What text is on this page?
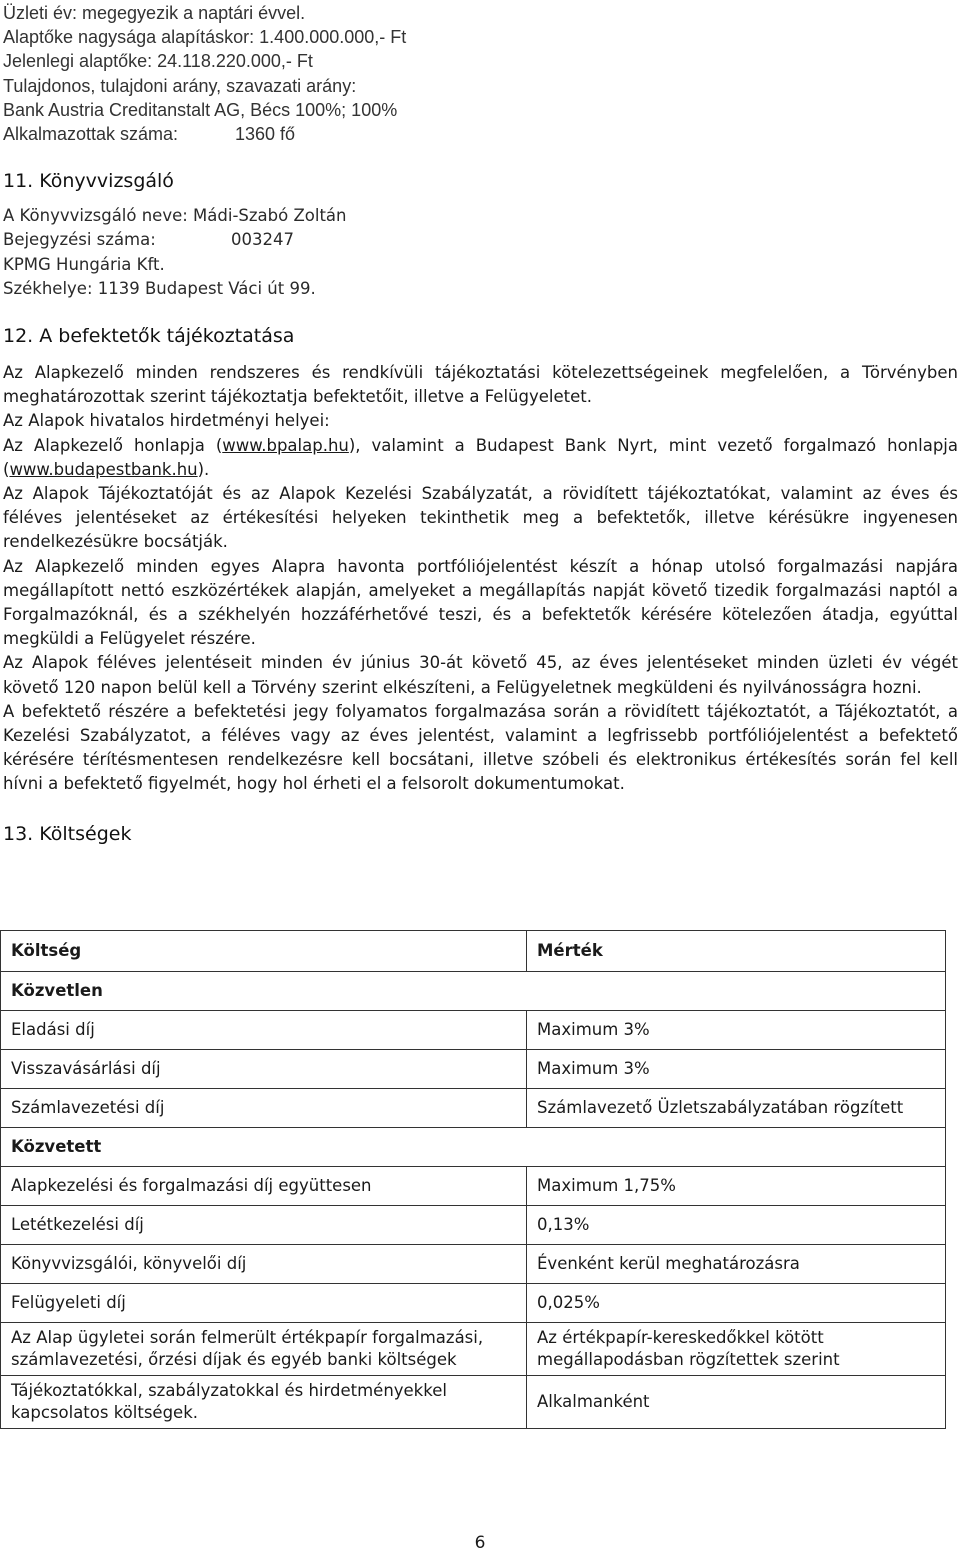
Üzleti év: megegyezik a naptári évvel.
Alaptőke nagysága alapításkor: 1.400.000.000,- Ft
Jelenlegi alaptőke: 24.118.220.000,- Ft
Tulajdonos, tulajdoni arány, szavazati arány:
Bank Austria Creditanstalt AG, Bécs 100%; 100%
Alkalmazottak száma:	1360 fő
11. Könyvvizsgáló
A Könyvvizsgáló neve: Mádi-Szabó Zoltán
Bejegyzési száma:	003247
KPMG Hungária Kft.
Székhelye: 1139 Budapest Váci út 99.
12. A befektetők tájékoztatása

Az Alapkezelő minden rendszeres és rendkívüli tájékoztatási kötelezettségeinek megfelelően, a Törvényben meghatározottak szerint tájékoztatja befektetőit, illetve a Felügyeletet.

Az Alapok hivatalos hirdetményi helyei:

Az Alapkezelő honlapja (www.bpalap.hu), valamint a Budapest Bank Nyrt, mint vezető forgalmazó honlapja (www.budapestbank.hu).

Az Alapok Tájékoztatóját és az Alapok Kezelési Szabályzatát, a rövidített tájékoztatókat, valamint az éves és féléves jelentéseket az értékesítési helyeken tekinthetik meg a befektetők, illetve kérésükre ingyenesen rendelkezésükre bocsátják.

Az Alapkezelő minden egyes Alapra havonta portfóliójelentést készít a hónap utolsó forgalmazási napjára megállapított nettó eszközértékek alapján, amelyeket a megállapítás napját követő tizedik forgalmazási naptól a Forgalmazóknál, és a székhelyén hozzáférhetővé teszi, és a befektetők kérésére kötelezően átadja, egyúttal megküldi a Felügyelet részére.

Az Alapok féléves jelentéseit minden év június 30-át követő 45, az éves jelentéseket minden üzleti év végét követő 120 napon belül kell a Törvény szerint elkészíteni, a Felügyeletnek megküldeni és nyilvánosságra hozni.

A befektető részére a befektetési jegy folyamatos forgalmazása során a rövidített tájékoztatót, a Tájékoztatót, a Kezelési Szabályzatot, a féléves vagy az éves jelentést, valamint a legfrissebb portfóliójelentést a befektető kérésére térítésmentesen rendelkezésre kell bocsátani, illetve szóbeli és elektronikus értékesítés során fel kell hívni a befektető figyelmét, hogy hol érheti el a felsorolt dokumentumokat.

13. Költségek
Költség	Mérték
Közvetlen	
Eladási díj	Maximum 3%
Visszavásárlási díj	Maximum 3%
Számlavezetési díj	Számlavezető Üzletszabályzatában rögzített
Közvetett	
Alapkezelési és forgalmazási díj együttesen	Maximum 1,75%
Letétkezelési díj	0,13%
Könyvvizsgálói, könyvelői díj	Évenként kerül meghatározásra
Felügyeleti díj	0,025%
Az Alap ügyletei során felmerült értékpapír forgalmazási, számlavezetési, őrzési díjak és egyéb banki költségek	Az értékpapír-kereskedőkkel kötött megállapodásban rögzítettek szerint
Tájékoztatókkal, szabályzatokkal és hirdetményekkel kapcsolatos költségek.	Alkalmanként
6
